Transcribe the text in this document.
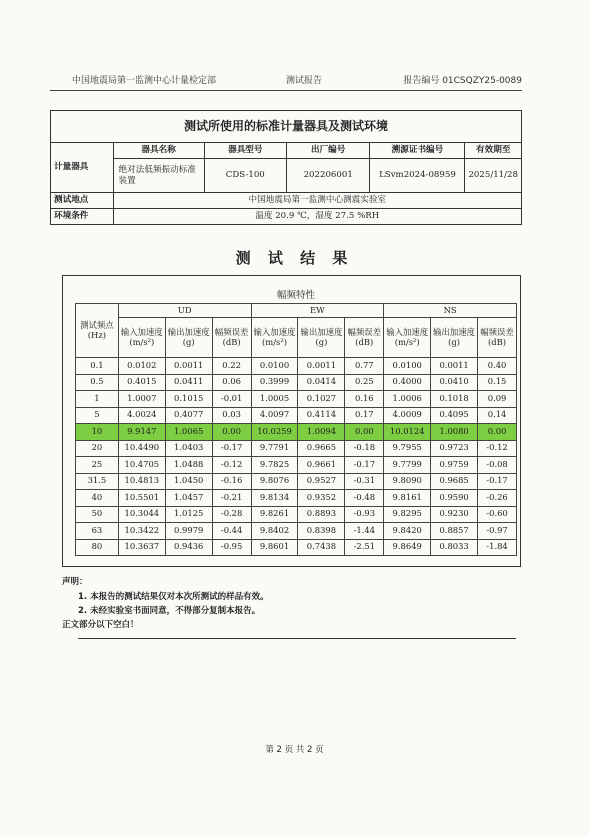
中国地震局第一监测中心计量检定部	测试报告	报告编号 01CSQZY25-0089
测试所使用的标准计量器具及测试环境					
计量器具	器具名称	器具型号	出厂编号	溯源证书编号	有效期至
	绝对法低频振动标准装置	CDS-100	202206001	LSvm2024-08959	2025/11/28
测试地点	中国地震局第一监测中心测震实验室				
环境条件	温度 20.9 ℃，湿度 27.5 %RH				
测 试 结 果
幅频特性									
测试频点(Hz)	UD			EW			NS		
	输入加速度(m/s²)	输出加速度(g)	幅频误差(dB)	输入加速度(m/s²)	输出加速度(g)	幅频误差(dB)	输入加速度(m/s²)	输出加速度(g)	幅频误差(dB)
0.1	0.0102	0.0011	0.22	0.0100	0.0011	0.77	0.0100	0.0011	0.40
0.5	0.4015	0.0411	0.06	0.3999	0.0414	0.25	0.4000	0.0410	0.15
1	1.0007	0.1015	-0.01	1.0005	0.1027	0.16	1.0006	0.1018	0.09
5	4.0024	0.4077	0.03	4.0097	0.4114	0.17	4.0009	0.4095	0.14
10	9.9147	1.0065	0.00	10.0259	1.0094	0.00	10.0124	1.0080	0.00
20	10.4490	1.0403	-0.17	9.7791	0.9665	-0.18	9.7955	0.9723	-0.12
25	10.4705	1.0488	-0.12	9.7825	0.9661	-0.17	9.7799	0.9759	-0.08
31.5	10.4813	1.0450	-0.16	9.8076	0.9527	-0.31	9.8090	0.9685	-0.17
40	10.5501	1.0457	-0.21	9.8134	0.9352	-0.48	9.8161	0.9590	-0.26
50	10.3044	1.0125	-0.28	9.8261	0.8893	-0.93	9.8295	0.9230	-0.60
63	10.3422	0.9979	-0.44	9.8402	0.8398	-1.44	9.8420	0.8857	-0.97
80	10.3637	0.9436	-0.95	9.8601	0.7438	-2.51	9.8649	0.8033	-1.84
声明：
1. 本报告的测试结果仅对本次所测试的样品有效。
2. 未经实验室书面同意，不得部分复制本报告。
正文部分以下空白！
第 2 页 共 2 页
